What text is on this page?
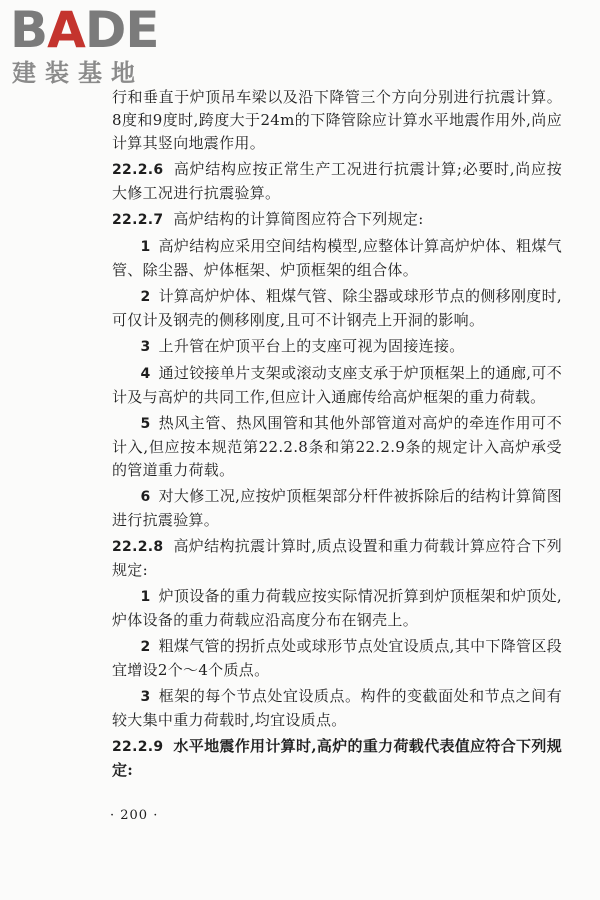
BADE
建装基地
行和垂直于炉顶吊车梁以及沿下降管三个方向分别进行抗震计算。8度和9度时,跨度大于24m的下降管除应计算水平地震作用外,尚应计算其竖向地震作用。
22.2.6 高炉结构应按正常生产工况进行抗震计算;必要时,尚应按大修工况进行抗震验算。
22.2.7 高炉结构的计算简图应符合下列规定:
1 高炉结构应采用空间结构模型,应整体计算高炉炉体、粗煤气管、除尘器、炉体框架、炉顶框架的组合体。
2 计算高炉炉体、粗煤气管、除尘器或球形节点的侧移刚度时,可仅计及钢壳的侧移刚度,且可不计钢壳上开洞的影响。
3 上升管在炉顶平台上的支座可视为固接连接。
4 通过铰接单片支架或滚动支座支承于炉顶框架上的通廊,可不计及与高炉的共同工作,但应计入通廊传给高炉框架的重力荷载。
5 热风主管、热风围管和其他外部管道对高炉的牵连作用可不计入,但应按本规范第22.2.8条和第22.2.9条的规定计入高炉承受的管道重力荷载。
6 对大修工况,应按炉顶框架部分杆件被拆除后的结构计算简图进行抗震验算。
22.2.8 高炉结构抗震计算时,质点设置和重力荷载计算应符合下列规定:
1 炉顶设备的重力荷载应按实际情况折算到炉顶框架和炉顶处,炉体设备的重力荷载应沿高度分布在钢壳上。
2 粗煤气管的拐折点处或球形节点处宜设质点,其中下降管区段宜增设2个～4个质点。
3 框架的每个节点处宜设质点。构件的变截面处和节点之间有较大集中重力荷载时,均宜设质点。
22.2.9 水平地震作用计算时,高炉的重力荷载代表值应符合下列规定:
· 200 ·
